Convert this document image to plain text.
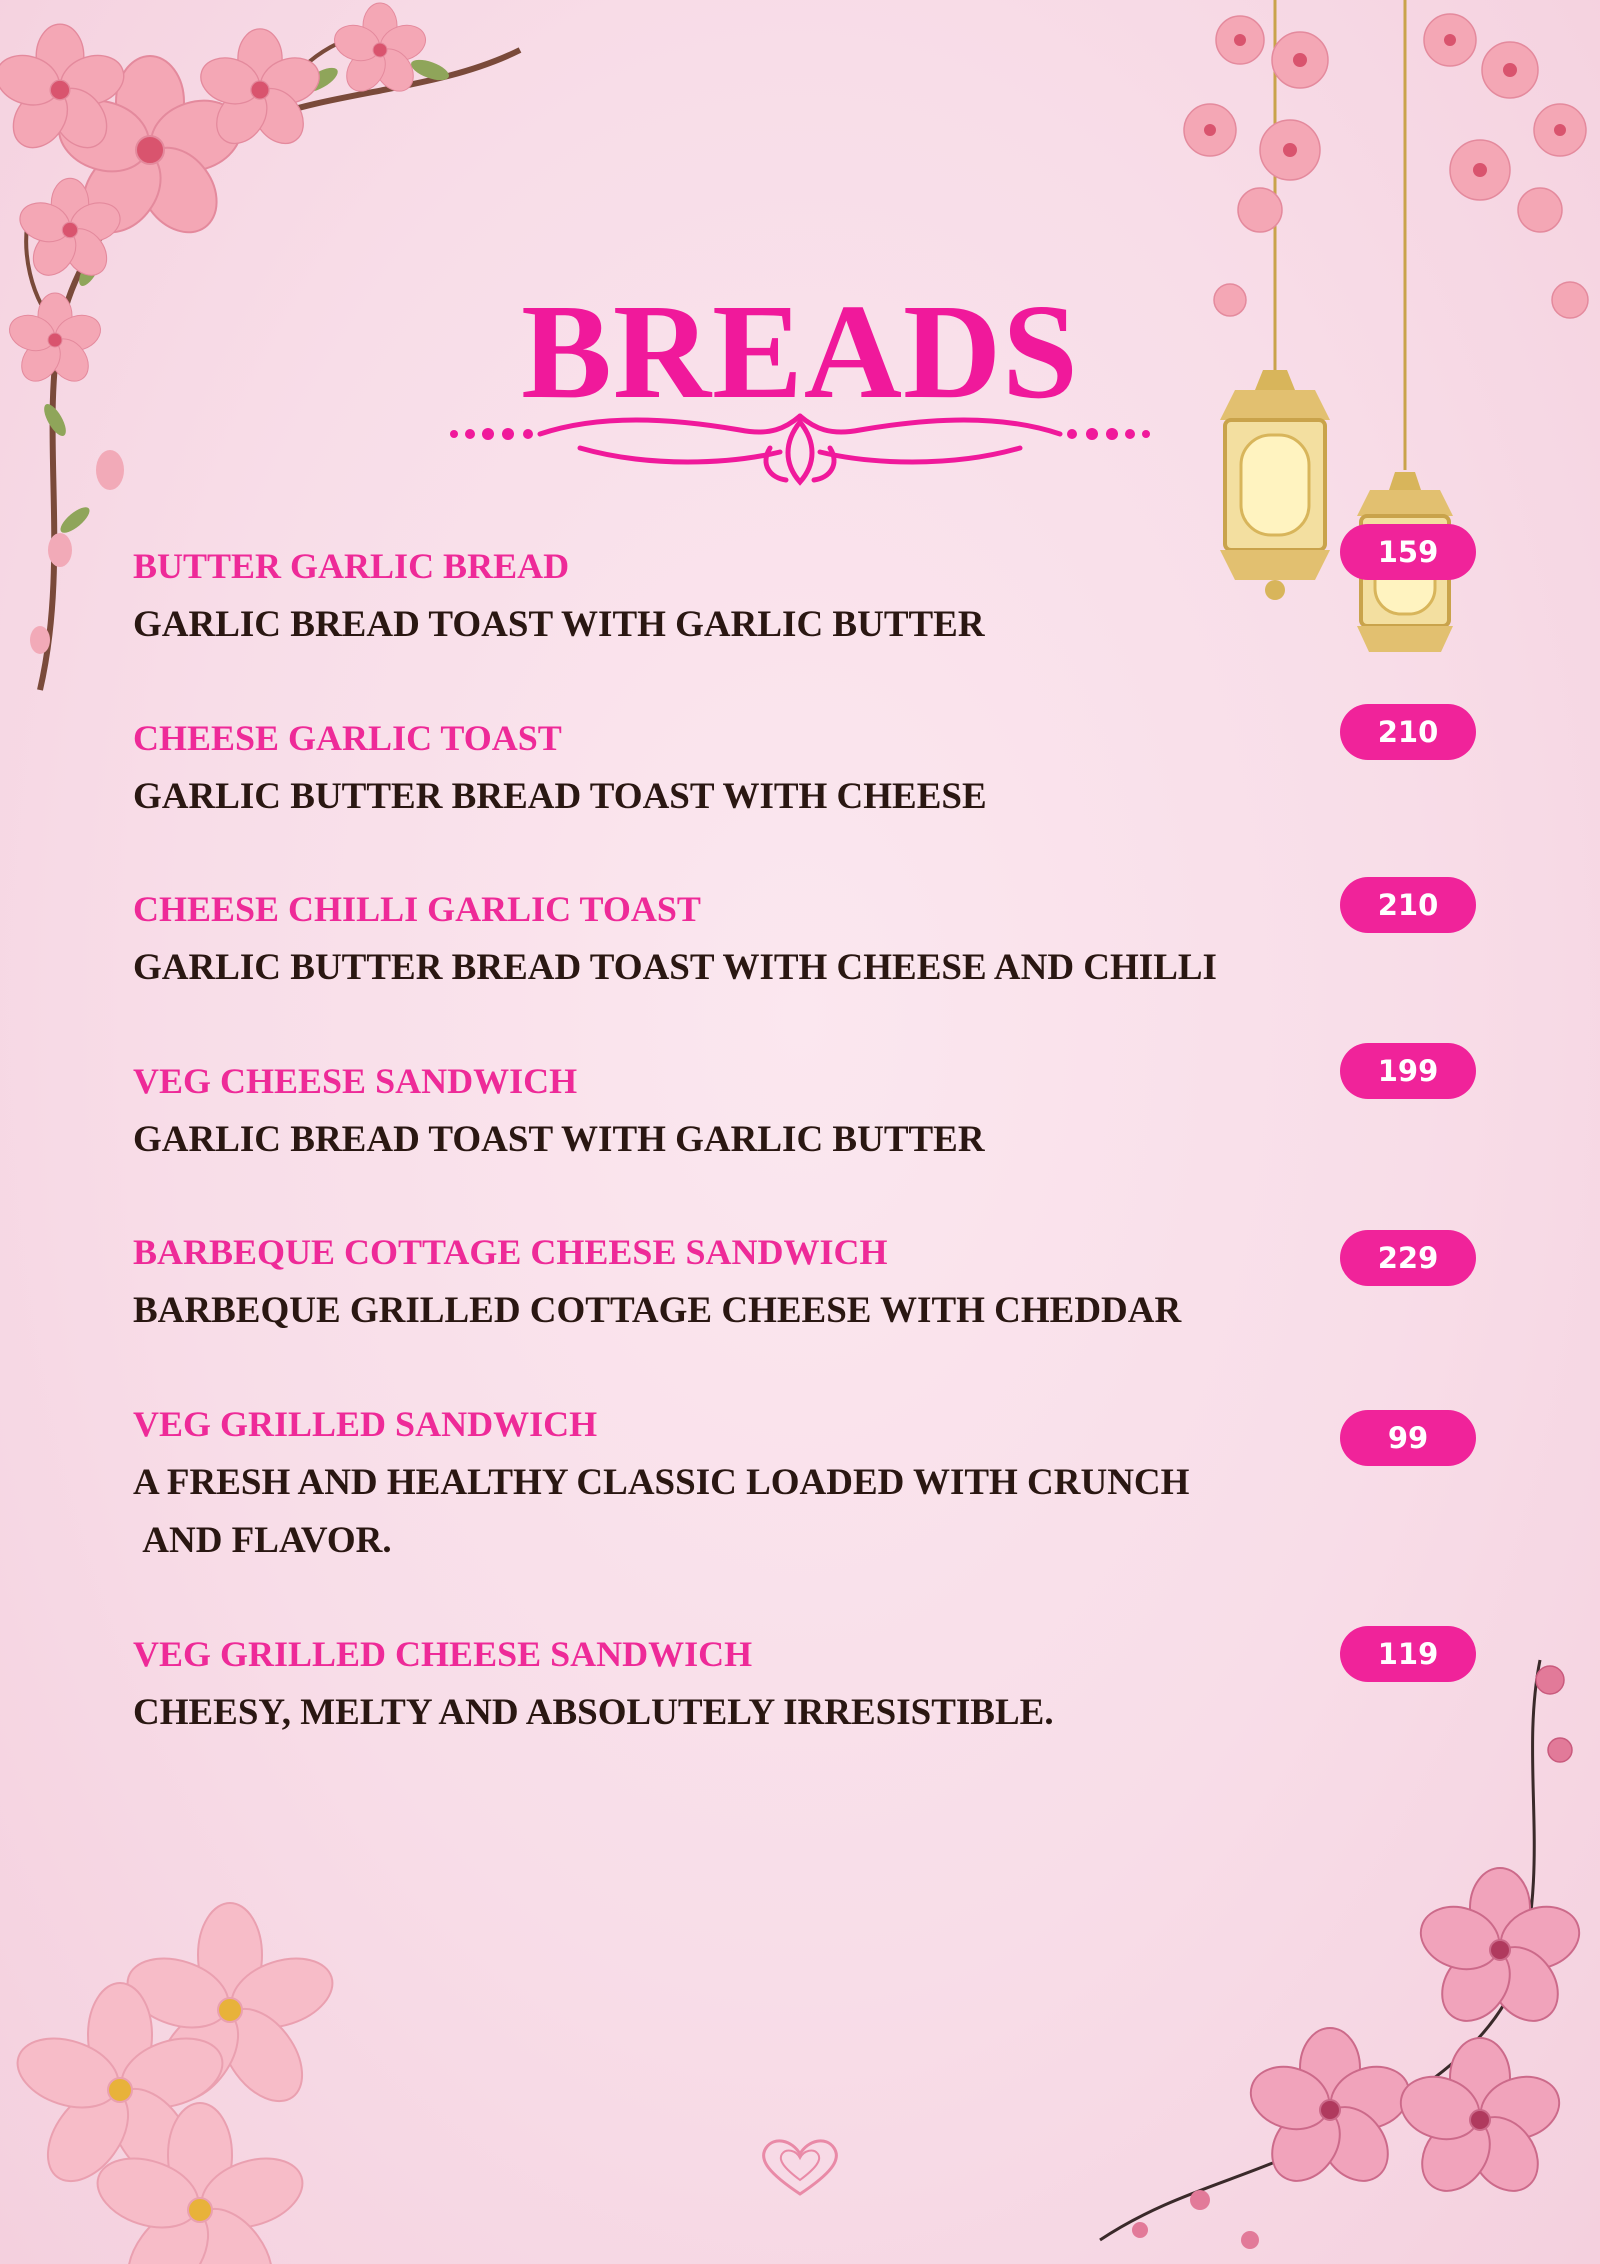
BREADS
BUTTER GARLIC BREAD
GARLIC BREAD TOAST WITH GARLIC BUTTER
159
CHEESE GARLIC TOAST
GARLIC BUTTER BREAD TOAST WITH CHEESE
210
CHEESE CHILLI GARLIC TOAST
GARLIC BUTTER BREAD TOAST WITH CHEESE AND CHILLI
210
VEG CHEESE SANDWICH
GARLIC BREAD TOAST WITH GARLIC BUTTER
199
BARBEQUE COTTAGE CHEESE SANDWICH
BARBEQUE GRILLED COTTAGE CHEESE WITH CHEDDAR
229
VEG GRILLED SANDWICH
A FRESH AND HEALTHY CLASSIC LOADED WITH CRUNCH
AND FLAVOR.
99
VEG GRILLED CHEESE SANDWICH
CHEESY, MELTY AND ABSOLUTELY IRRESISTIBLE.
119
